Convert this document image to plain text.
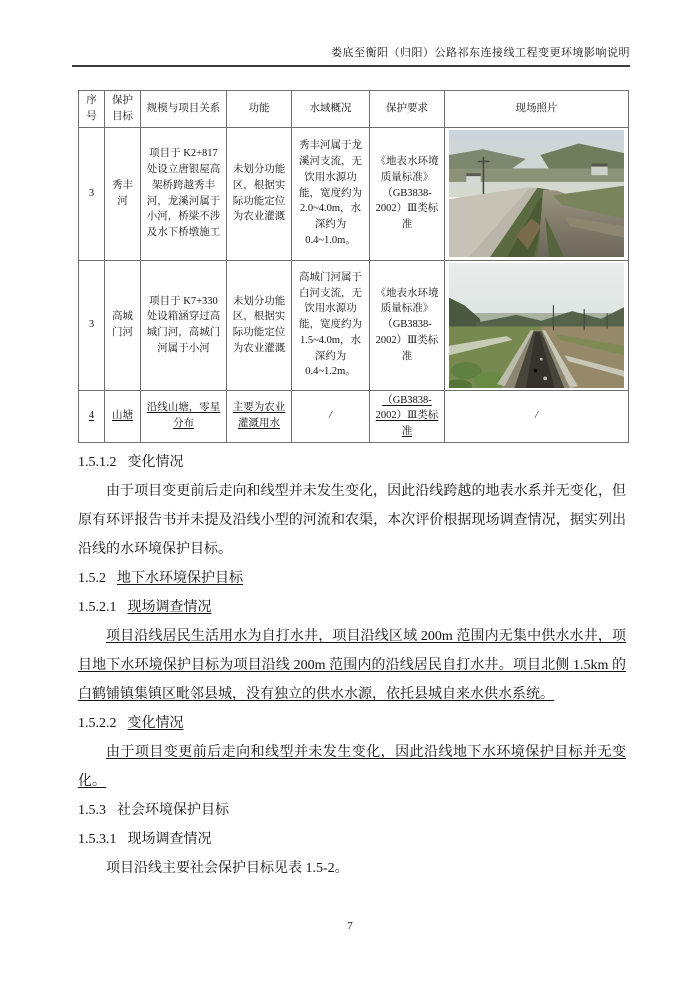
娄底至衡阳（归阳）公路祁东连接线工程变更环境影响说明
序号	保护目标	规模与项目关系	功能	水域概况	保护要求	现场照片
3	秀丰河	项目于 K2+817 处设立唐银屋高架桥跨越秀丰河，龙溪河属于小河，桥梁不涉及水下桥墩施工	未划分功能区，根据实际功能定位为农业灌溉	秀丰河属于龙溪河支流，无饮用水源功能，宽度约为 2.0~4.0m，水深约为 0.4~1.0m。	《地表水环境质量标准》（GB3838-2002）Ⅲ类标准	

3	高城门河	项目于 K7+330 处设箱涵穿过高城门河，高城门河属于小河	未划分功能区，根据实际功能定位为农业灌溉	高城门河属于白河支流，无饮用水源功能，宽度约为 1.5~4.0m，水深约为 0.4~1.2m。	《地表水环境质量标准》（GB3838-2002）Ⅲ类标准	

4	山塘	沿线山塘，零星分布	主要为农业灌溉用水	/	（GB3838-2002）Ⅲ类标准	/

1.5.1.2 变化情况

由于项目变更前后走向和线型并未发生变化，因此沿线跨越的地表水系并无变化，但原有环评报告书并未提及沿线小型的河流和农渠，本次评价根据现场调查情况，据实列出沿线的水环境保护目标。

1.5.2 地下水环境保护目标

1.5.2.1 现场调查情况

项目沿线居民生活用水为自打水井，项目沿线区域 200m 范围内无集中供水水井，项目地下水环境保护目标为项目沿线 200m 范围内的沿线居民自打水井。项目北侧 1.5km 的白鹤铺镇集镇区毗邻县城，没有独立的供水水源，依托县城自来水供水系统。

1.5.2.2 变化情况

由于项目变更前后走向和线型并未发生变化，因此沿线地下水环境保护目标并无变化。

1.5.3 社会环境保护目标

1.5.3.1 现场调查情况

项目沿线主要社会保护目标见表 1.5-2。

7
